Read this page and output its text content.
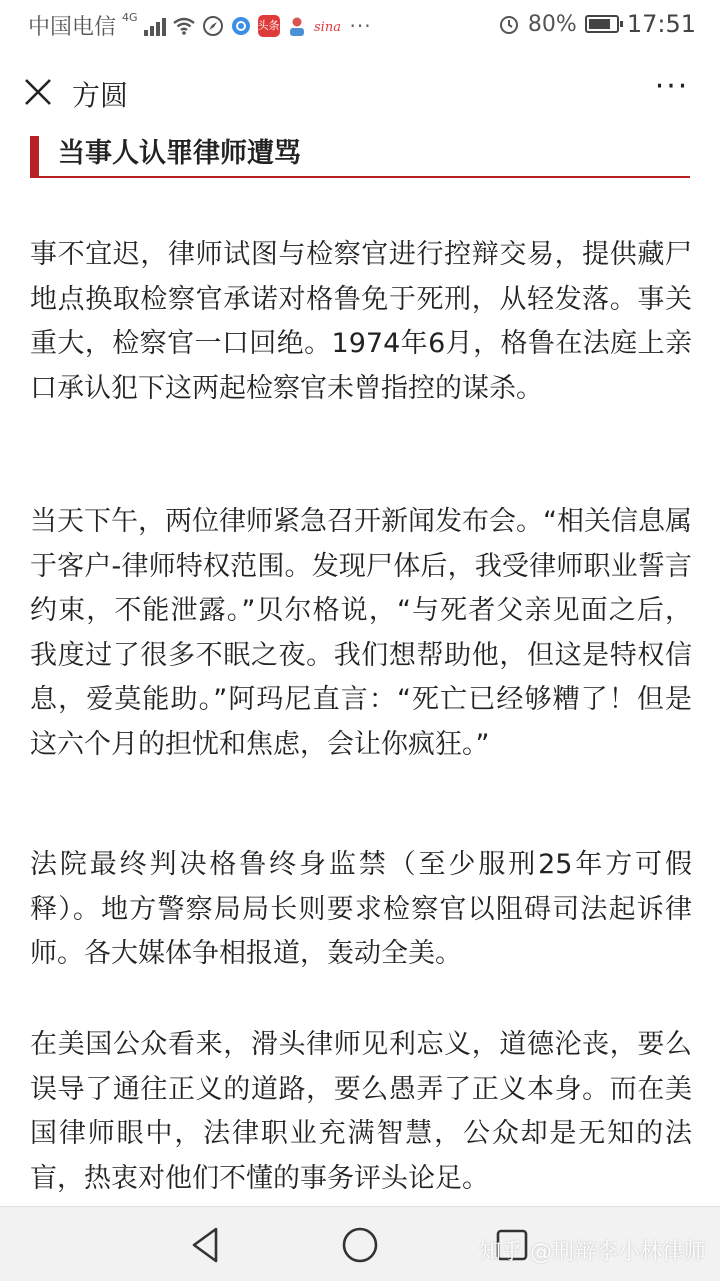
中国电信 4G
头条	sina ···	80% 17:51
方圆	···
当事人认罪律师遭骂

事不宜迟，律师试图与检察官进行控辩交易，提供藏尸地点换取检察官承诺对格鲁免于死刑，从轻发落。事关重大，检察官一口回绝。1974年6月，格鲁在法庭上亲口承认犯下这两起检察官未曾指控的谋杀。

当天下午，两位律师紧急召开新闻发布会。“相关信息属于客户-律师特权范围。发现尸体后，我受律师职业誓言约束，不能泄露。”贝尔格说，“与死者父亲见面之后，我度过了很多不眠之夜。我们想帮助他，但这是特权信息，爱莫能助。”阿玛尼直言：“死亡已经够糟了！但是这六个月的担忧和焦虑，会让你疯狂。”

法院最终判决格鲁终身监禁（至少服刑25年方可假释）。地方警察局局长则要求检察官以阻碍司法起诉律师。各大媒体争相报道，轰动全美。

在美国公众看来，滑头律师见利忘义，道德沦丧，要么误导了通往正义的道路，要么愚弄了正义本身。而在美国律师眼中，法律职业充满智慧，公众却是无知的法盲，热衷对他们不懂的事务评头论足。

知乎 @刑辩李小林律师
